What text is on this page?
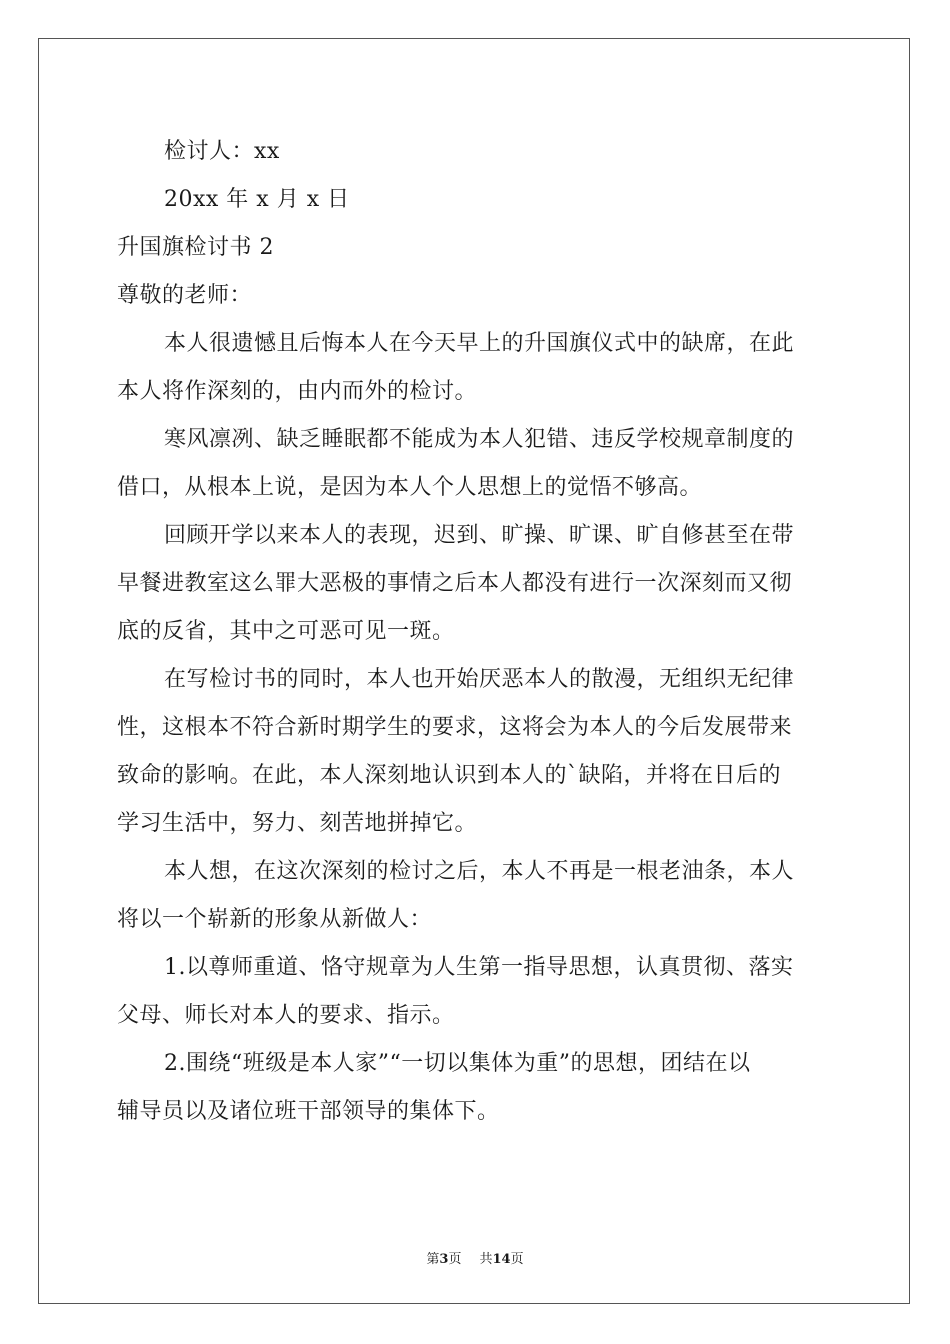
检讨人：xx
20xx 年 x 月 x 日
升国旗检讨书 2
尊敬的老师：
本人很遗憾且后悔本人在今天早上的升国旗仪式中的缺席，在此
本人将作深刻的，由内而外的检讨。
寒风凛冽、缺乏睡眠都不能成为本人犯错、违反学校规章制度的
借口，从根本上说，是因为本人个人思想上的觉悟不够高。
回顾开学以来本人的表现，迟到、旷操、旷课、旷自修甚至在带
早餐进教室这么罪大恶极的事情之后本人都没有进行一次深刻而又彻
底的反省，其中之可恶可见一斑。
在写检讨书的同时，本人也开始厌恶本人的散漫，无组织无纪律
性，这根本不符合新时期学生的要求，这将会为本人的今后发展带来
致命的影响。在此，本人深刻地认识到本人的`缺陷，并将在日后的
学习生活中，努力、刻苦地拼掉它。
本人想，在这次深刻的检讨之后，本人不再是一根老油条，本人
将以一个崭新的形象从新做人：
1.以尊师重道、恪守规章为人生第一指导思想，认真贯彻、落实
父母、师长对本人的要求、指示。
2.围绕“班级是本人家”“一切以集体为重”的思想，团结在以
辅导员以及诸位班干部领导的集体下。
第3页 共14页
